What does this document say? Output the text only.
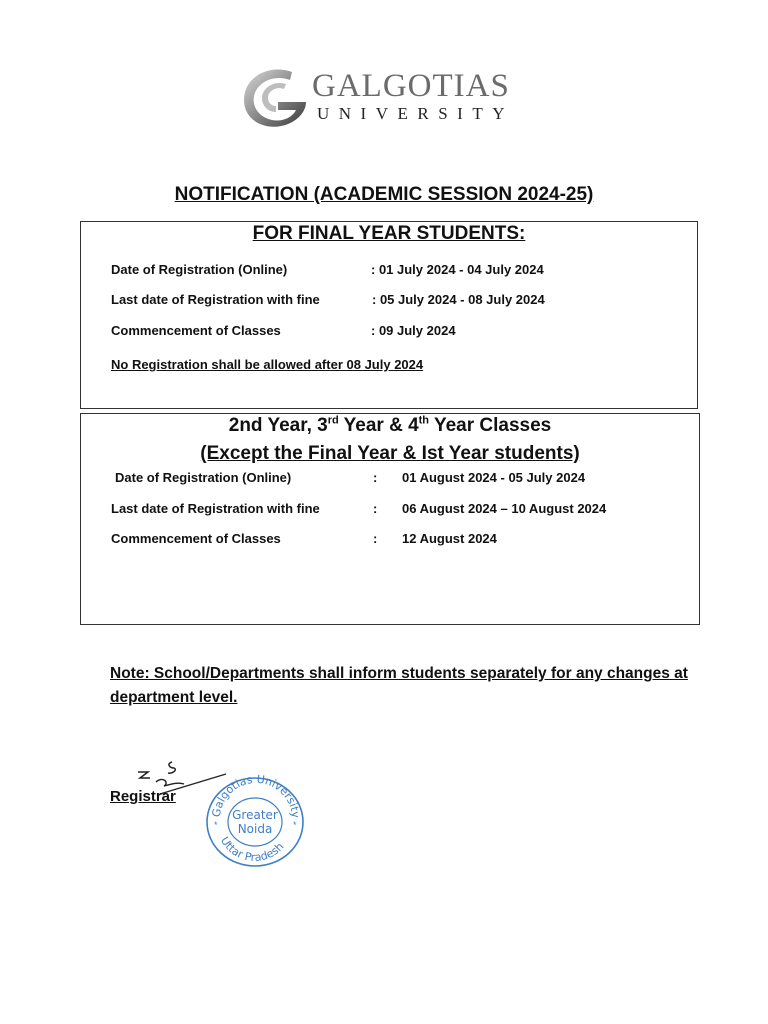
GALGOTIAS
UNIVERSITY
NOTIFICATION (ACADEMIC SESSION 2024-25)
FOR FINAL YEAR STUDENTS:
Date of Registration (Online)	: 01 July 2024 - 04 July 2024
Last date of Registration with fine	: 05 July 2024 - 08 July 2024
Commencement of Classes	: 09 July 2024
No Registration shall be allowed after 08 July 2024
2nd Year, 3rd Year & 4th Year Classes
(Except the Final Year & Ist Year students)
Date of Registration (Online)	: 01 August 2024 - 05 July 2024
Last date of Registration with fine	: 06 August 2024 – 10 August 2024
Commencement of Classes	: 12 August 2024
Note: School/Departments shall inform students separately for any changes at department level.
Registrar
Galgotias University
Uttar Pradesh
Greater
Noida
*	*
